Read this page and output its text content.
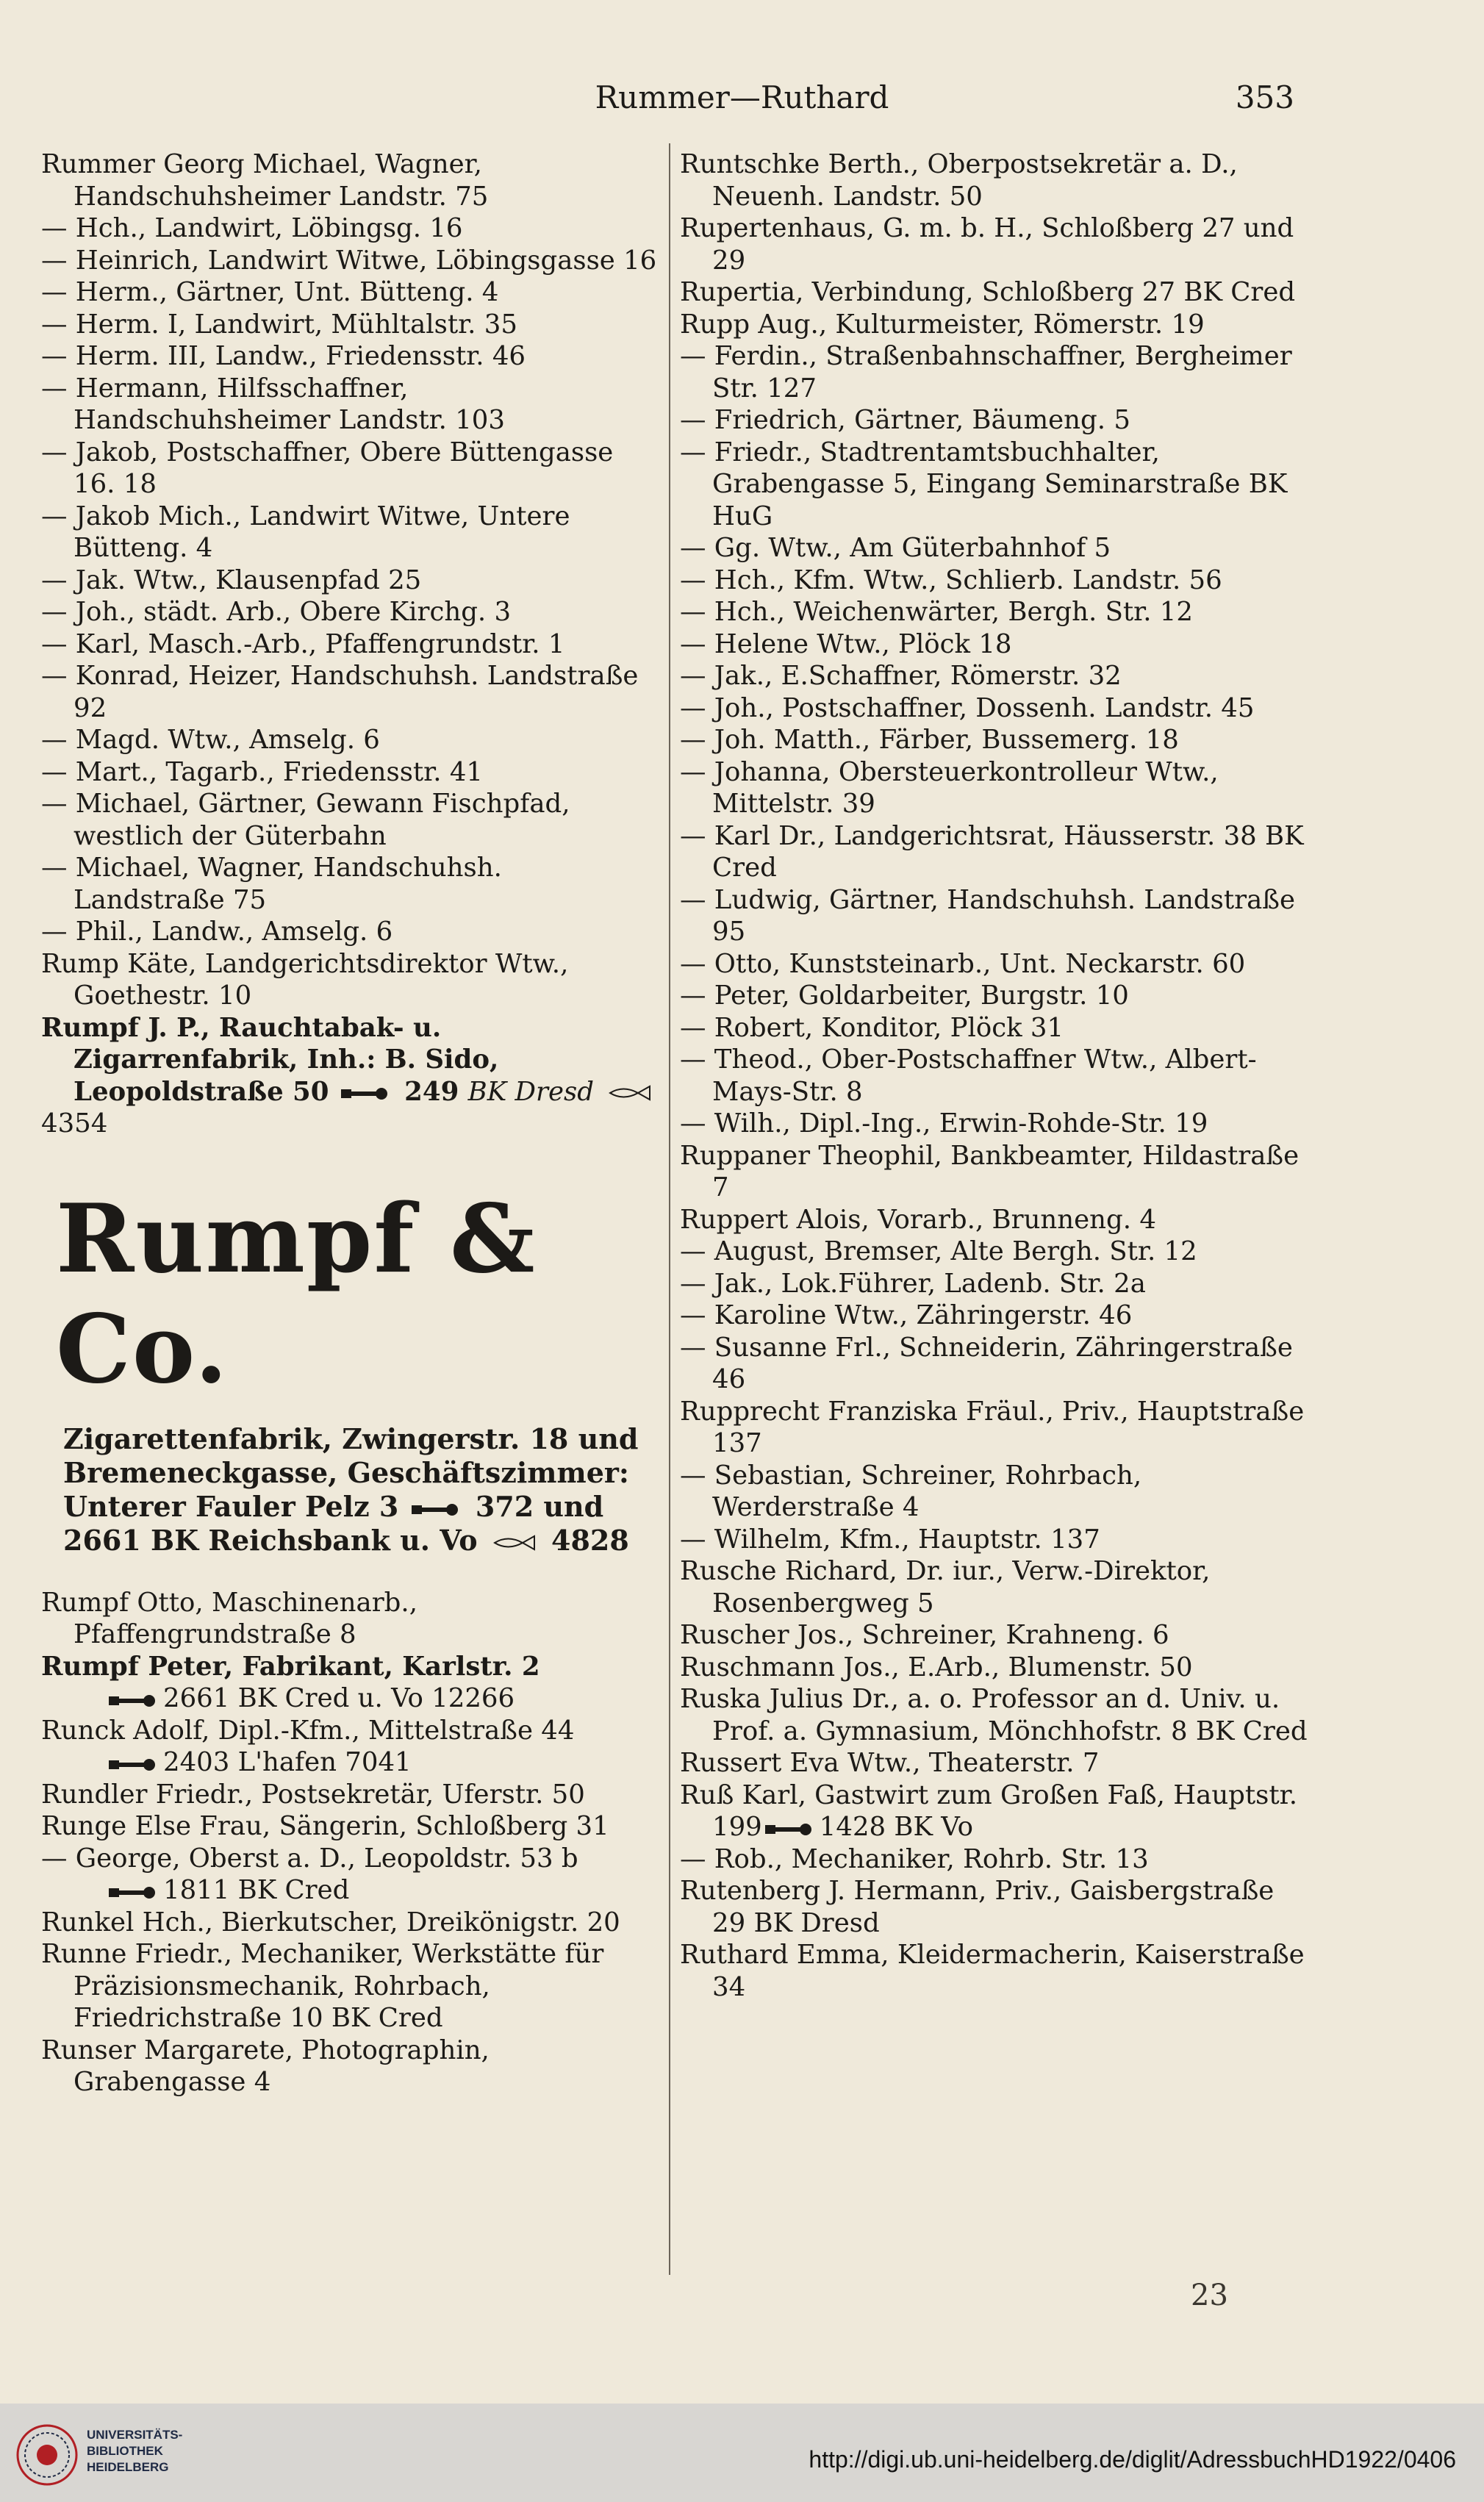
Rummer—Ruthard	353

Rummer Georg Michael, Wagner, Handschuhsheimer Landstr. 75

— Hch., Landwirt, Löbingsg. 16

— Heinrich, Landwirt Witwe, Löbingsgasse 16

— Herm., Gärtner, Unt. Bütteng. 4

— Herm. I, Landwirt, Mühltalstr. 35

— Herm. III, Landw., Friedensstr. 46

— Hermann, Hilfsschaffner, Handschuhsheimer Landstr. 103

— Jakob, Postschaffner, Obere Büttengasse 16. 18

— Jakob Mich., Landwirt Witwe, Untere Bütteng. 4

— Jak. Wtw., Klausenpfad 25

— Joh., städt. Arb., Obere Kirchg. 3

— Karl, Masch.-Arb., Pfaffengrundstr. 1

— Konrad, Heizer, Handschuhsh. Landstraße 92

— Magd. Wtw., Amselg. 6

— Mart., Tagarb., Friedensstr. 41

— Michael, Gärtner, Gewann Fischpfad, westlich der Güterbahn

— Michael, Wagner, Handschuhsh. Landstraße 75

— Phil., Landw., Amselg. 6

Rump Käte, Landgerichtsdirektor Wtw., Goethestr. 10

Rumpf J. P., Rauchtabak- u. Zigarrenfabrik, Inh.: B. Sido, Leopoldstraße 50	249 BK Dresd
4354

Rumpf & Co.
Zigarettenfabrik, Zwingerstr. 18 und Bremeneckgasse, Geschäftszimmer: Unterer Fauler Pelz 3	372 und 2661 BK Reichsbank u. Vo	4828

Rumpf Otto, Maschinenarb., Pfaffengrundstraße 8

Rumpf Peter, Fabrikant, Karlstr. 2

2661 BK Cred u. Vo 12266

Runck Adolf, Dipl.-Kfm., Mittelstraße 44

2403 L'hafen 7041

Rundler Friedr., Postsekretär, Uferstr. 50

Runge Else Frau, Sängerin, Schloßberg 31

— George, Oberst a. D., Leopoldstr. 53 b

1811 BK Cred

Runkel Hch., Bierkutscher, Dreikönigstr. 20

Runne Friedr., Mechaniker, Werkstätte für Präzisionsmechanik, Rohrbach, Friedrichstraße 10 BK Cred

Runser Margarete, Photographin, Grabengasse 4

Runtschke Berth., Oberpostsekretär a. D., Neuenh. Landstr. 50

Rupertenhaus, G. m. b. H., Schloßberg 27 und 29

Rupertia, Verbindung, Schloßberg 27 BK Cred

Rupp Aug., Kulturmeister, Römerstr. 19

— Ferdin., Straßenbahnschaffner, Bergheimer Str. 127

— Friedrich, Gärtner, Bäumeng. 5

— Friedr., Stadtrentamtsbuchhalter, Grabengasse 5, Eingang Seminarstraße BK HuG

— Gg. Wtw., Am Güterbahnhof 5

— Hch., Kfm. Wtw., Schlierb. Landstr. 56

— Hch., Weichenwärter, Bergh. Str. 12

— Helene Wtw., Plöck 18

— Jak., E.Schaffner, Römerstr. 32

— Joh., Postschaffner, Dossenh. Landstr. 45

— Joh. Matth., Färber, Bussemerg. 18

— Johanna, Obersteuerkontrolleur Wtw., Mittelstr. 39

— Karl Dr., Landgerichtsrat, Häusserstr. 38 BK Cred

— Ludwig, Gärtner, Handschuhsh. Landstraße 95

— Otto, Kunststeinarb., Unt. Neckarstr. 60

— Peter, Goldarbeiter, Burgstr. 10

— Robert, Konditor, Plöck 31

— Theod., Ober-Postschaffner Wtw., Albert-Mays-Str. 8

— Wilh., Dipl.-Ing., Erwin-Rohde-Str. 19

Ruppaner Theophil, Bankbeamter, Hildastraße 7

Ruppert Alois, Vorarb., Brunneng. 4

— August, Bremser, Alte Bergh. Str. 12

— Jak., Lok.Führer, Ladenb. Str. 2a

— Karoline Wtw., Zähringerstr. 46

— Susanne Frl., Schneiderin, Zähringerstraße 46

Rupprecht Franziska Fräul., Priv., Hauptstraße 137

— Sebastian, Schreiner, Rohrbach, Werderstraße 4

— Wilhelm, Kfm., Hauptstr. 137

Rusche Richard, Dr. iur., Verw.-Direktor, Rosenbergweg 5

Ruscher Jos., Schreiner, Krahneng. 6

Ruschmann Jos., E.Arb., Blumenstr. 50

Ruska Julius Dr., a. o. Professor an d. Univ. u. Prof. a. Gymnasium, Mönchhofstr. 8 BK Cred

Russert Eva Wtw., Theaterstr. 7

Ruß Karl, Gastwirt zum Großen Faß, Hauptstr. 199 1428 BK Vo

— Rob., Mechaniker, Rohrb. Str. 13

Rutenberg J. Hermann, Priv., Gaisbergstraße 29 BK Dresd

Ruthard Emma, Kleidermacherin, Kaiserstraße 34

23
UNIVERSITÄTS-
BIBLIOTHEK
HEIDELBERG	http://digi.ub.uni-heidelberg.de/diglit/AdressbuchHD1922/0406
